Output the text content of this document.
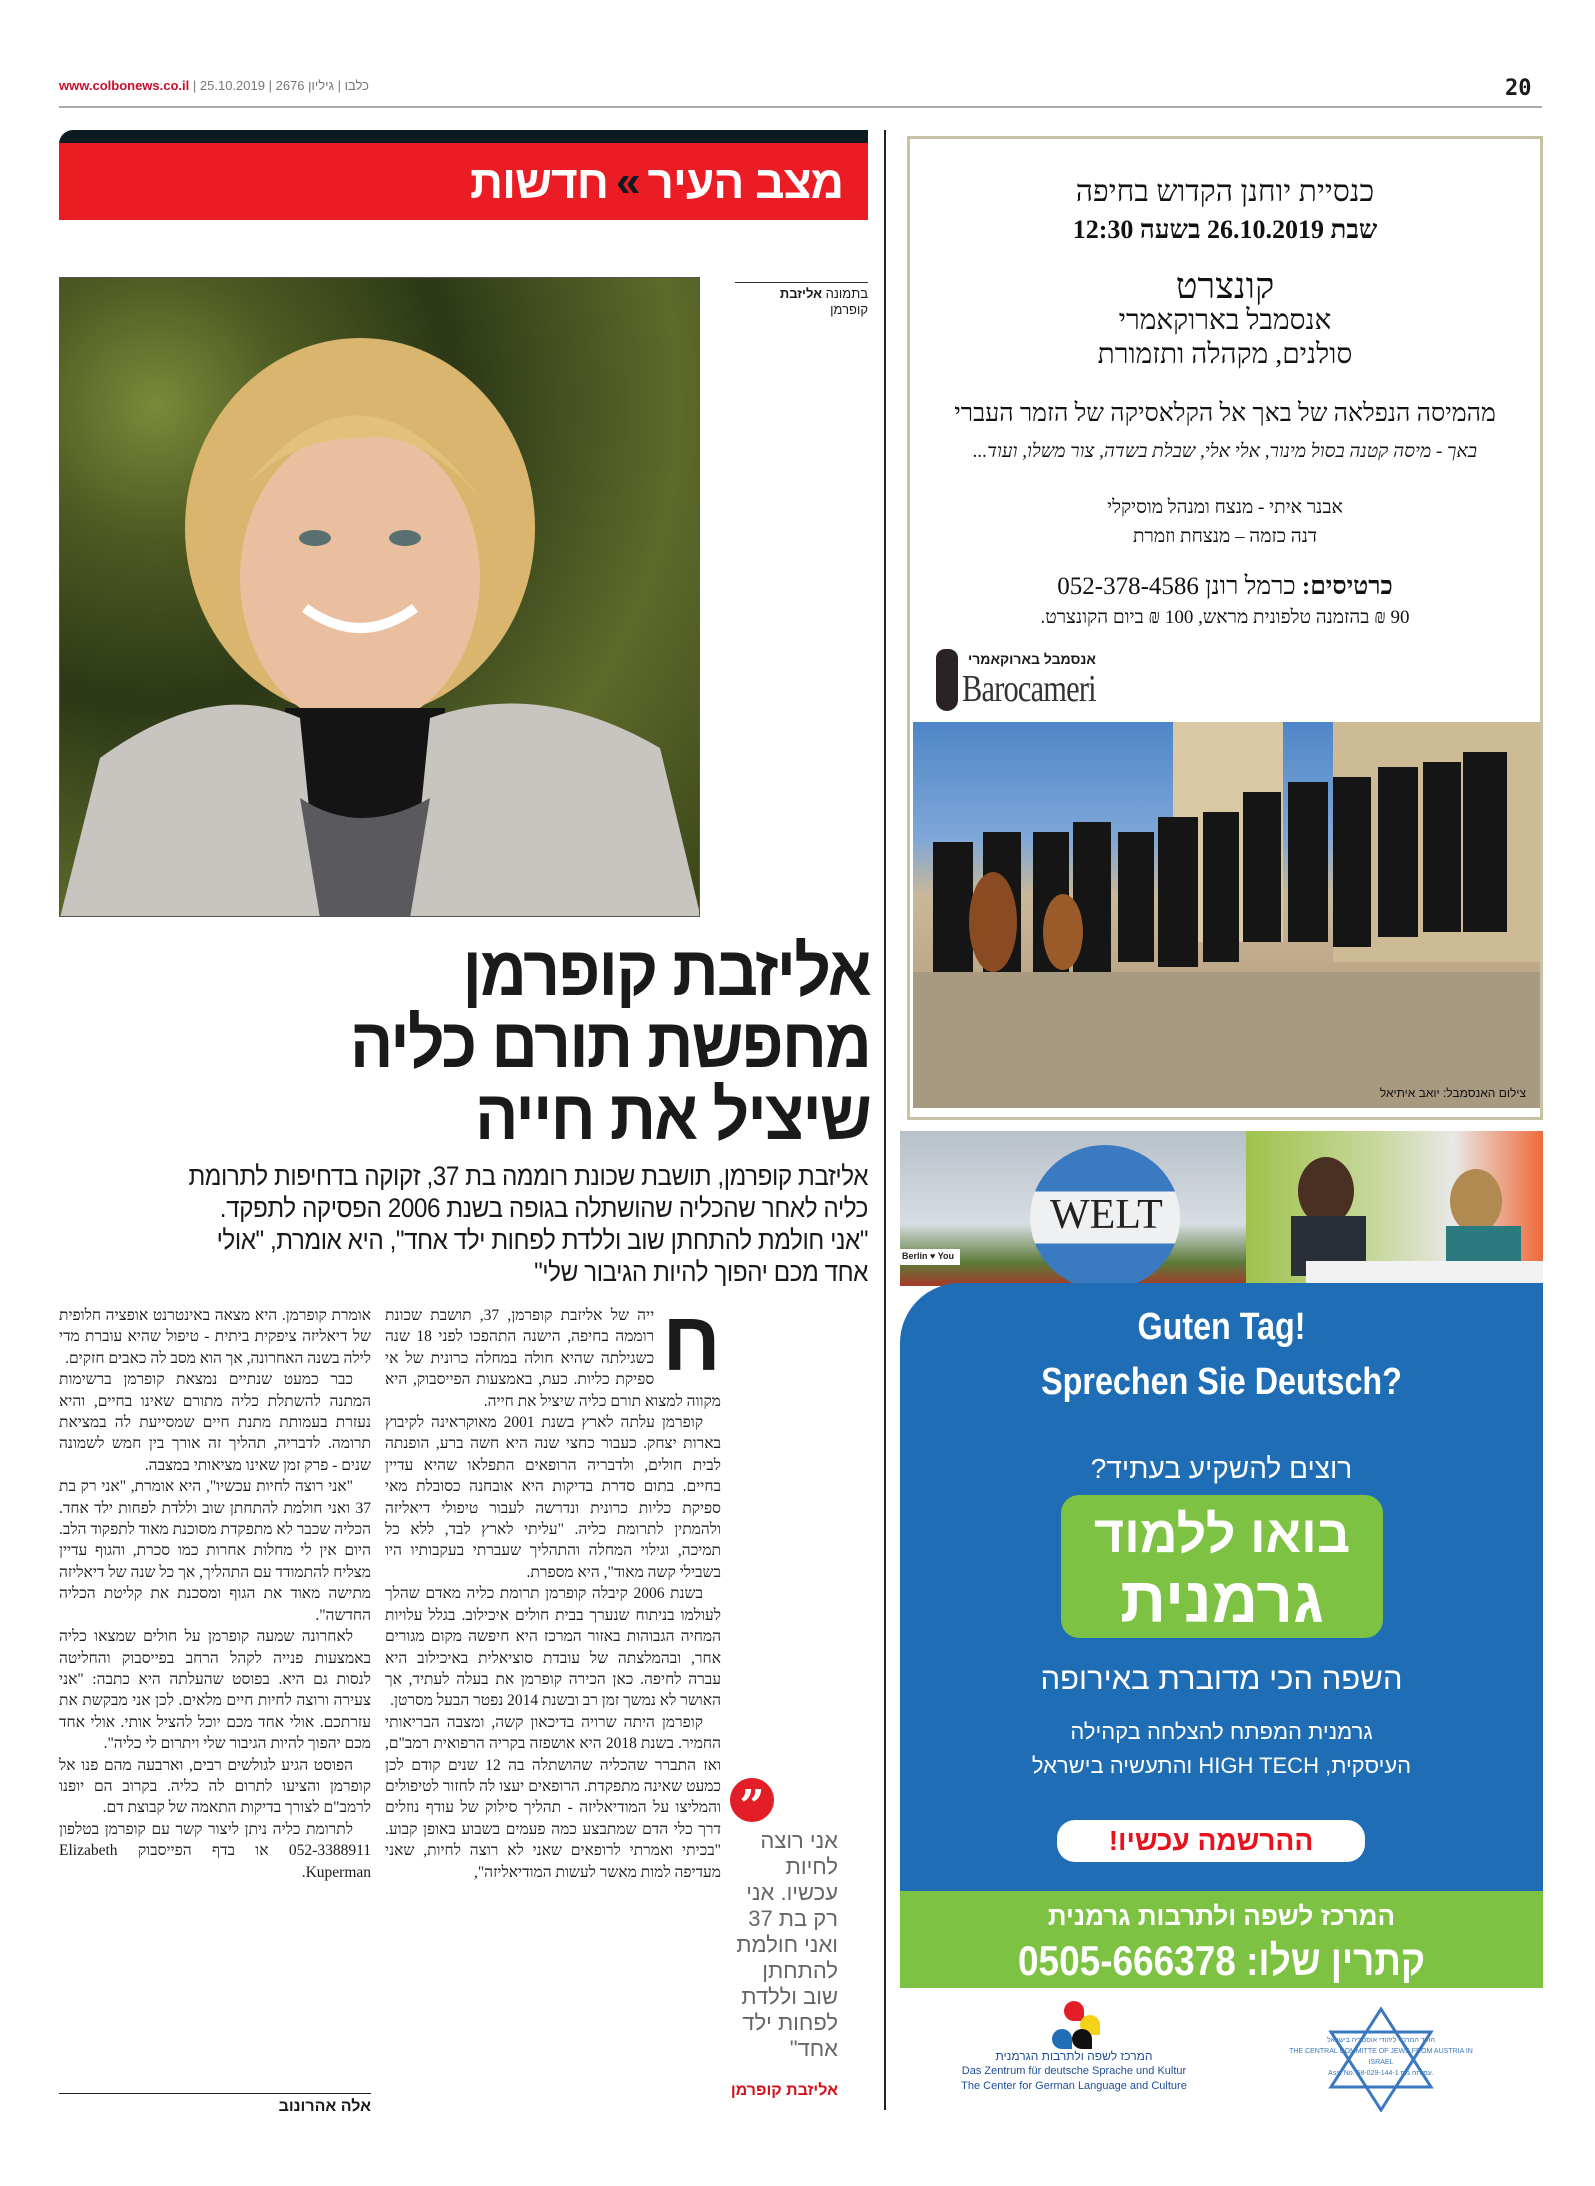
www.colbonews.co.il |	כלבו | גיליון 2676 | 25.10.2019	20
מצב העיר
»
חדשות
בתמונה אליזבת
קופרמן
אליזבת קופרמן
מחפשת תורם כליה
שיציל את חייה
אליזבת קופרמן, תושבת שכונת רוממה בת 37, זקוקה בדחיפות לתרומת כליה לאחר שהכליה שהושתלה בגופה בשנת 2006 הפסיקה לתפקד. "אני חולמת להתחתן שוב וללדת לפחות ילד אחד", היא אומרת, "אולי אחד מכם יהפוך להיות הגיבור שלי"
ח

ייה של אליזבת קופרמן, 37, תושבת שכונת רוממה בחיפה, הישנה התהפכו לפני 18 שנה כשגילתה שהיא חולה במחלה כרונית של אי ספיקת כליות. כעת, באמצעות הפייסבוק, היא מקווה למצוא תורם כליה שיציל את חייה.

קופרמן עלתה לארץ בשנת 2001 מאוקראינה לקיבוץ בארות יצחק. כעבור כחצי שנה היא חשה ברע, הופנתה לבית חולים, ולדבריה הרופאים התפלאו שהיא עדיין בחיים. בתום סדרת בדיקות היא אובחנה כסובלת מאי ספיקת כליות כרונית ונדרשה לעבור טיפולי דיאליזה ולהמתין לתרומת כליה. "עליתי לארץ לבד, ללא כל תמיכה, וגילוי המחלה והתהליך שעברתי בעקבותיו היו בשבילי קשה מאוד", היא מספרת.

בשנת 2006 קיבלה קופרמן תרומת כליה מאדם שהלך לעולמו בניתוח שנערך בבית חולים איכילוב. בגלל עלויות המחיה הגבוהות באזור המרכז היא חיפשה מקום מגורים אחר, ובהמלצתה של עובדת סוציאלית באיכילוב היא עברה לחיפה. כאן הכירה קופרמן את בעלה לעתיד, אך האושר לא נמשך זמן רב ובשנת 2014 נפטר הבעל מסרטן.

קופרמן היתה שרויה בדיכאון קשה, ומצבה הבריאותי החמיר. בשנת 2018 היא אושפזה בקריה הרפואית רמב"ם, ואז התברר שהכליה שהושתלה בה 12 שנים קודם לכן כמעט שאינה מתפקדת. הרופאים יעצו לה לחזור לטיפולים והמליצו על המודיאליזה - תהליך סילוק של עודף נוזלים דרך כלי הדם שמתבצע כמה פעמים בשבוע באופן קבוע. "בכיתי ואמרתי לרופאים שאני לא רוצה לחיות, שאני מעדיפה למות מאשר לעשות המודיאליזה",

אומרת קופרמן. היא מצאה באינטרנט אופציה חלופית של דיאליזה ציפקית ביתית - טיפול שהיא עוברת מדי לילה בשנה האחרונה, אך הוא מסב לה כאבים חזקים.

כבר כמעט שנתיים נמצאת קופרמן ברשימות המתנה להשתלת כליה מתורם שאינו בחיים, והיא נעזרת בעמותת מתנת חיים שמסייעת לה במציאת תרומה. לדבריה, תהליך זה אורך בין חמש לשמונה שנים - פרק זמן שאינו מציאותי במצבה.

"אני רוצה לחיות עכשיו", היא אומרת, "אני רק בת 37 ואני חולמת להתחתן שוב וללדת לפחות ילד אחד. הכליה שכבר לא מתפקדת מסוכנת מאוד לתפקוד הלב. היום אין לי מחלות אחרות כמו סכרת, והגוף עדיין מצליח להתמודד עם התהליך, אך כל שנה של דיאליזה מתישה מאוד את הגוף ומסכנת את קליטת הכליה החדשה".

לאחרונה שמעה קופרמן על חולים שמצאו כליה באמצעות פנייה לקהל הרחב בפייסבוק והחליטה לנסות גם היא. בפוסט שהעלתה היא כתבה: "אני צעירה ורוצה לחיות חיים מלאים. לכן אני מבקשת את עזרתכם. אולי אחד מכם יוכל להציל אותי. אולי אחד מכם יהפוך להיות הגיבור שלי ויתרום לי כליה".

הפוסט הגיע לגולשים רבים, וארבעה מהם פנו אל קופרמן והציעו לתרום לה כליה. בקרוב הם יופנו לרמב"ם לצורך בדיקות התאמה של קבוצת דם.

לתרומת כליה ניתן ליצור קשר עם קופרמן בטלפון 052-3388911 או בדף הפייסבוק Elizabeth Kuperman.

”
אני רוצה לחיות עכשיו. אני רק בת 37 ואני חולמת להתחתן שוב וללדת לפחות ילד אחד"
אליזבת קופרמן
אלה אהרונוב
כנסיית יוחנן הקדוש בחיפה
שבת 26.10.2019 בשעה 12:30
קונצרט
אנסמבל בארוקאמרי
סולנים, מקהלה ותזמורת
מהמיסה הנפלאה של באך אל הקלאסיקה של הזמר העברי
באך - מיסה קטנה בסול מינור, אלי אלי, שבלת בשדה, צור משלו, ועוד...
אבנר איתי - מנצח ומנהל מוסיקלי
דנה כזמה – מנצחת וזמרת
כרטיסים: כרמל רונן 052-378-4586
90 ₪ בהזמנה טלפונית מראש, 100 ₪ ביום הקונצרט.
אנסמבל בארוקאמרי
Barocameri
צילום האנסמבל: יואב איתיאל
WELT
Berlin ♥ You
Guten Tag!
Sprechen Sie Deutsch?
רוצים להשקיע בעתיד?
בואו ללמוד
גרמנית
השפה הכי מדוברת באירופה
גרמנית המפתח להצלחה בקהילה
העיסקית, HIGH TECH והתעשיה בישראל
ההרשמה עכשיו!
המרכז לשפה ולתרבות גרמנית
קתרין שלו: 0505-666378
המרכז לשפה ולתרבות הגרמנית
Das Zentrum für deutsche Sprache und Kultur
The Center for German Language and Culture
הועד המרכזי ליהודי אוסטריה בישראל
THE CENTRAL COMMITTE OF JEWS FROM AUSTRIA IN ISRAEL
Ass. No. 58-029-144-1 עמותה מס.
